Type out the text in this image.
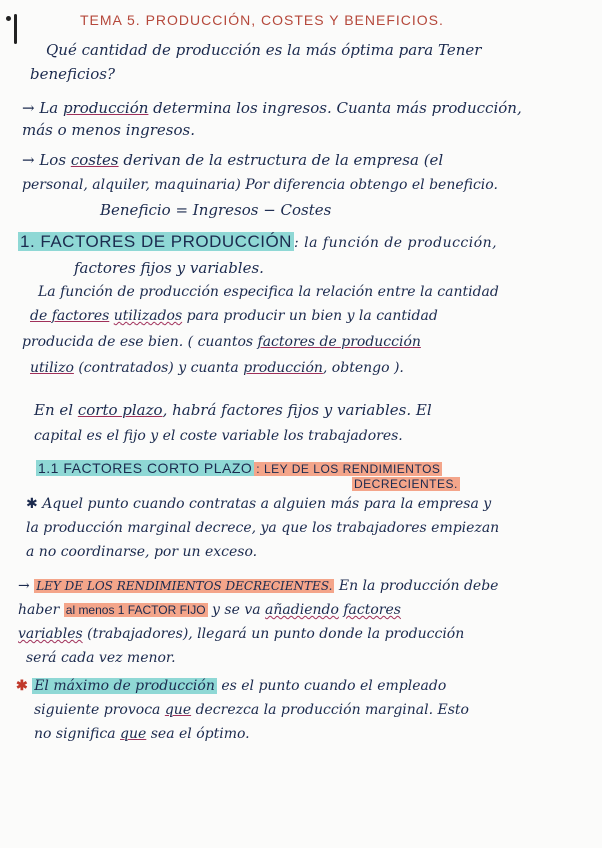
TEMA 5. PRODUCCIÓN, COSTES Y BENEFICIOS.
Qué cantidad de producción es la más óptima para Tener
beneficios?
→ La producción determina los ingresos. Cuanta más producción,
más o menos ingresos.
→ Los costes derivan de la estructura de la empresa (el
personal, alquiler, maquinaria) Por diferencia obtengo el beneficio.
Beneficio = Ingresos − Costes
1. FACTORES DE PRODUCCIÓN : la función de producción,
factores fijos y variables.
La función de producción especifica la relación entre la cantidad
de factores utilizados para producir un bien y la cantidad
producida de ese bien. ( cuantos factores de producción
utilizo (contratados) y cuanta producción, obtengo ).
En el corto plazo, habrá factores fijos y variables. El
capital es el fijo y el coste variable los trabajadores.
1.1 FACTORES CORTO PLAZO : LEY DE LOS RENDIMIENTOS
DECRECIENTES.
✱ Aquel punto cuando contratas a alguien más para la empresa y
la producción marginal decrece, ya que los trabajadores empiezan
a no coordinarse, por un exceso.
→ LEY DE LOS RENDIMIENTOS DECRECIENTES. En la producción debe
haber al menos 1 FACTOR FIJO y se va añadiendo factores
variables (trabajadores), llegará un punto donde la producción
será cada vez menor.
✱ El máximo de producción es el punto cuando el empleado
siguiente provoca que decrezca la producción marginal. Esto
no significa que sea el óptimo.
